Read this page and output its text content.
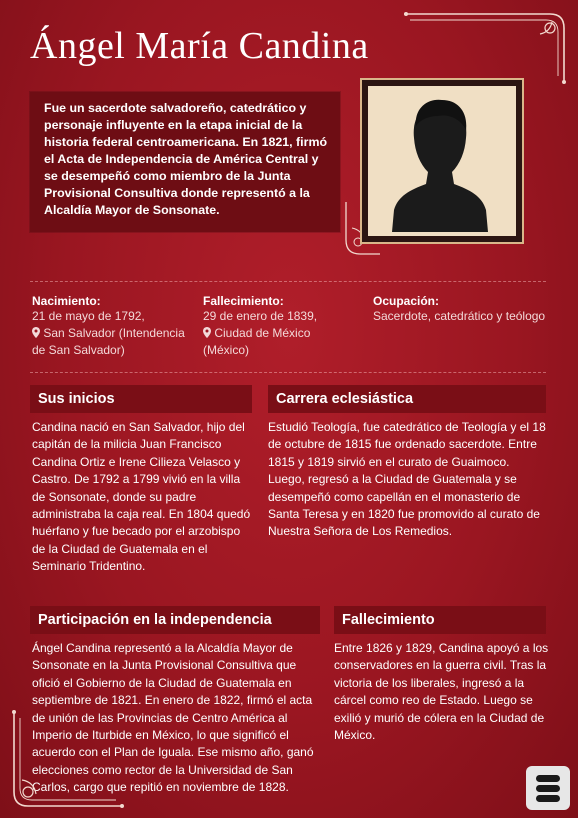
Ángel María Candina
Fue un sacerdote salvadoreño, catedrático y personaje influyente en la etapa inicial de la historia federal centroamericana. En 1821, firmó el Acta de Independencia de América Central y se desempeñó como miembro de la Junta Provisional Consultiva donde representó a la Alcaldía Mayor de Sonsonate.
Nacimiento:
21 de mayo de 1792,
San Salvador (Intendencia de San Salvador)
Fallecimiento:
29 de enero de 1839,
Ciudad de México (México)
Ocupación:
Sacerdote, catedrático y teólogo
Sus inicios
Candina nació en San Salvador, hijo del capitán de la milicia Juan Francisco Candina Ortiz e Irene Cilieza Velasco y Castro. De 1792 a 1799 vivió en la villa de Sonsonate, donde su padre administraba la caja real. En 1804 quedó huérfano y fue becado por el arzobispo de la Ciudad de Guatemala en el Seminario Tridentino.
Carrera eclesiástica
Estudió Teología, fue catedrático de Teología y el 18 de octubre de 1815 fue ordenado sacerdote. Entre 1815 y 1819 sirvió en el curato de Guaimoco. Luego, regresó a la Ciudad de Guatemala y se desempeñó como capellán en el monasterio de Santa Teresa y en 1820 fue promovido al curato de Nuestra Señora de Los Remedios.
Participación en la independencia
Ángel Candina representó a la Alcaldía Mayor de Sonsonate en la Junta Provisional Consultiva que ofició el Gobierno de la Ciudad de Guatemala en septiembre de 1821. En enero de 1822, firmó el acta de unión de las Provincias de Centro América al Imperio de Iturbide en México, lo que significó el acuerdo con el Plan de Iguala. Ese mismo año, ganó elecciones como rector de la Universidad de San Carlos, cargo que repitió en noviembre de 1828.
Fallecimiento
Entre 1826 y 1829, Candina apoyó a los conservadores en la guerra civil. Tras la victoria de los liberales, ingresó a la cárcel como reo de Estado. Luego se exilió y murió de cólera en la Ciudad de México.
